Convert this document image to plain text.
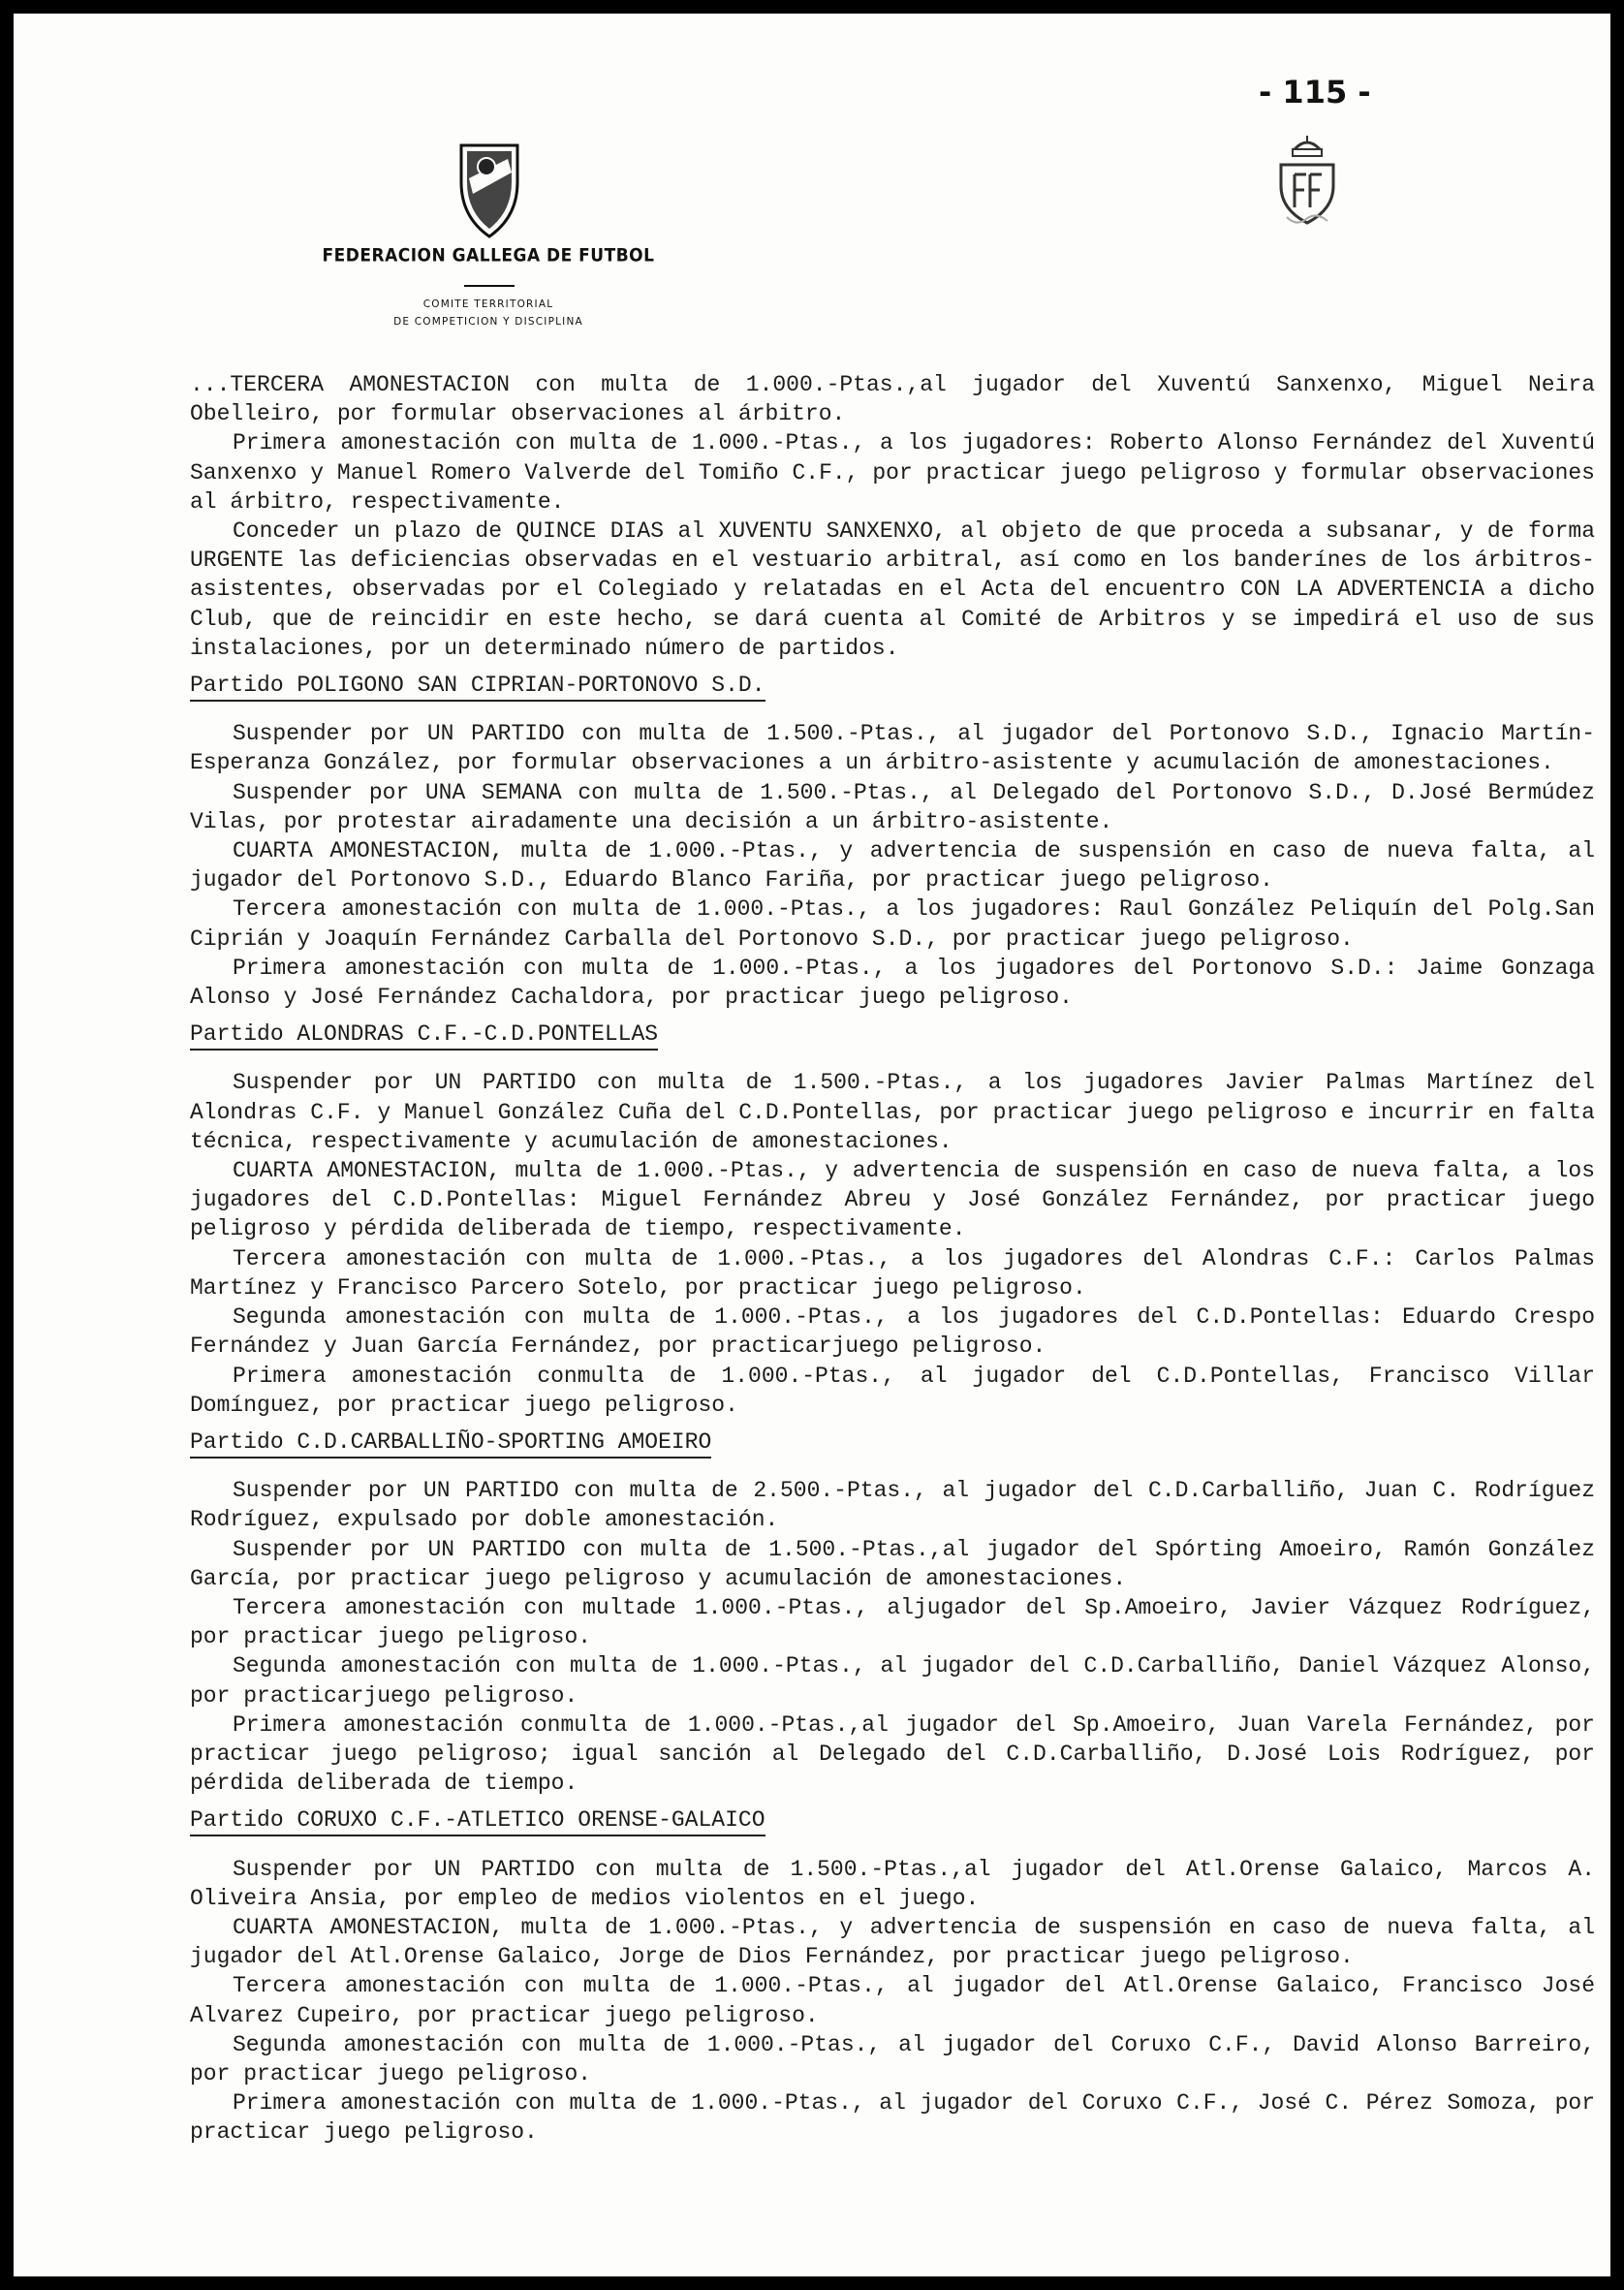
- 115 -
FEDERACION GALLEGA DE FUTBOL
COMITE TERRITORIAL
DE COMPETICION Y DISCIPLINA

...TERCERA AMONESTACION con multa de 1.000.-Ptas.,al jugador del Xuventú Sanxenxo, Miguel Neira Obelleiro, por formular observaciones al árbitro.

Primera amonestación con multa de 1.000.-Ptas., a los jugadores: Roberto Alonso Fernández del Xuventú Sanxenxo y Manuel Romero Valverde del Tomiño C.F., por practicar juego peligroso y formular observaciones al árbitro, respectivamente.

Conceder un plazo de QUINCE DIAS al XUVENTU SANXENXO, al objeto de que proceda a subsanar, y de forma URGENTE las deficiencias observadas en el vestuario arbitral, así como en los banderínes de los árbitros-asistentes, observadas por el Colegiado y relatadas en el Acta del encuentro CON LA ADVERTENCIA a dicho Club, que de reincidir en este hecho, se dará cuenta al Comité de Arbitros y se impedirá el uso de sus instalaciones, por un determinado número de partidos.

Partido POLIGONO SAN CIPRIAN-PORTONOVO S.D.

Suspender por UN PARTIDO con multa de 1.500.-Ptas., al jugador del Portonovo S.D., Ignacio Martín-Esperanza González, por formular observaciones a un árbitro-asistente y acumulación de amonestaciones.

Suspender por UNA SEMANA con multa de 1.500.-Ptas., al Delegado del Portonovo S.D., D.José Bermúdez Vilas, por protestar airadamente una decisión a un árbitro-asistente.

CUARTA AMONESTACION, multa de 1.000.-Ptas., y advertencia de suspensión en caso de nueva falta, al jugador del Portonovo S.D., Eduardo Blanco Fariña, por practicar juego peligroso.

Tercera amonestación con multa de 1.000.-Ptas., a los jugadores: Raul González Peliquín del Polg.San Ciprián y Joaquín Fernández Carballa del Portonovo S.D., por practicar juego peligroso.

Primera amonestación con multa de 1.000.-Ptas., a los jugadores del Portonovo S.D.: Jaime Gonzaga Alonso y José Fernández Cachaldora, por practicar juego peligroso.

Partido ALONDRAS C.F.-C.D.PONTELLAS

Suspender por UN PARTIDO con multa de 1.500.-Ptas., a los jugadores Javier Palmas Martínez del Alondras C.F. y Manuel González Cuña del C.D.Pontellas, por practicar juego peligroso e incurrir en falta técnica, respectivamente y acumulación de amonestaciones.

CUARTA AMONESTACION, multa de 1.000.-Ptas., y advertencia de suspensión en caso de nueva falta, a los jugadores del C.D.Pontellas: Miguel Fernández Abreu y José González Fernández, por practicar juego peligroso y pérdida deliberada de tiempo, respectivamente.

Tercera amonestación con multa de 1.000.-Ptas., a los jugadores del Alondras C.F.: Carlos Palmas Martínez y Francisco Parcero Sotelo, por practicar juego peligroso.

Segunda amonestación con multa de 1.000.-Ptas., a los jugadores del C.D.Pontellas: Eduardo Crespo Fernández y Juan García Fernández, por practicarjuego peligroso.

Primera amonestación conmulta de 1.000.-Ptas., al jugador del C.D.Pontellas, Francisco Villar Domínguez, por practicar juego peligroso.

Partido C.D.CARBALLIÑO-SPORTING AMOEIRO

Suspender por UN PARTIDO con multa de 2.500.-Ptas., al jugador del C.D.Carballiño, Juan C. Rodríguez Rodríguez, expulsado por doble amonestación.

Suspender por UN PARTIDO con multa de 1.500.-Ptas.,al jugador del Spórting Amoeiro, Ramón González García, por practicar juego peligroso y acumulación de amonestaciones.

Tercera amonestación con multade 1.000.-Ptas., aljugador del Sp.Amoeiro, Javier Vázquez Rodríguez, por practicar juego peligroso.

Segunda amonestación con multa de 1.000.-Ptas., al jugador del C.D.Carballiño, Daniel Vázquez Alonso, por practicarjuego peligroso.

Primera amonestación conmulta de 1.000.-Ptas.,al jugador del Sp.Amoeiro, Juan Varela Fernández, por practicar juego peligroso; igual sanción al Delegado del C.D.Carballiño, D.José Lois Rodríguez, por pérdida deliberada de tiempo.

Partido CORUXO C.F.-ATLETICO ORENSE-GALAICO

Suspender por UN PARTIDO con multa de 1.500.-Ptas.,al jugador del Atl.Orense Galaico, Marcos A. Oliveira Ansia, por empleo de medios violentos en el juego.

CUARTA AMONESTACION, multa de 1.000.-Ptas., y advertencia de suspensión en caso de nueva falta, al jugador del Atl.Orense Galaico, Jorge de Dios Fernández, por practicar juego peligroso.

Tercera amonestación con multa de 1.000.-Ptas., al jugador del Atl.Orense Galaico, Francisco José Alvarez Cupeiro, por practicar juego peligroso.

Segunda amonestación con multa de 1.000.-Ptas., al jugador del Coruxo C.F., David Alonso Barreiro, por practicar juego peligroso.

Primera amonestación con multa de 1.000.-Ptas., al jugador del Coruxo C.F., José C. Pérez Somoza, por practicar juego peligroso.
